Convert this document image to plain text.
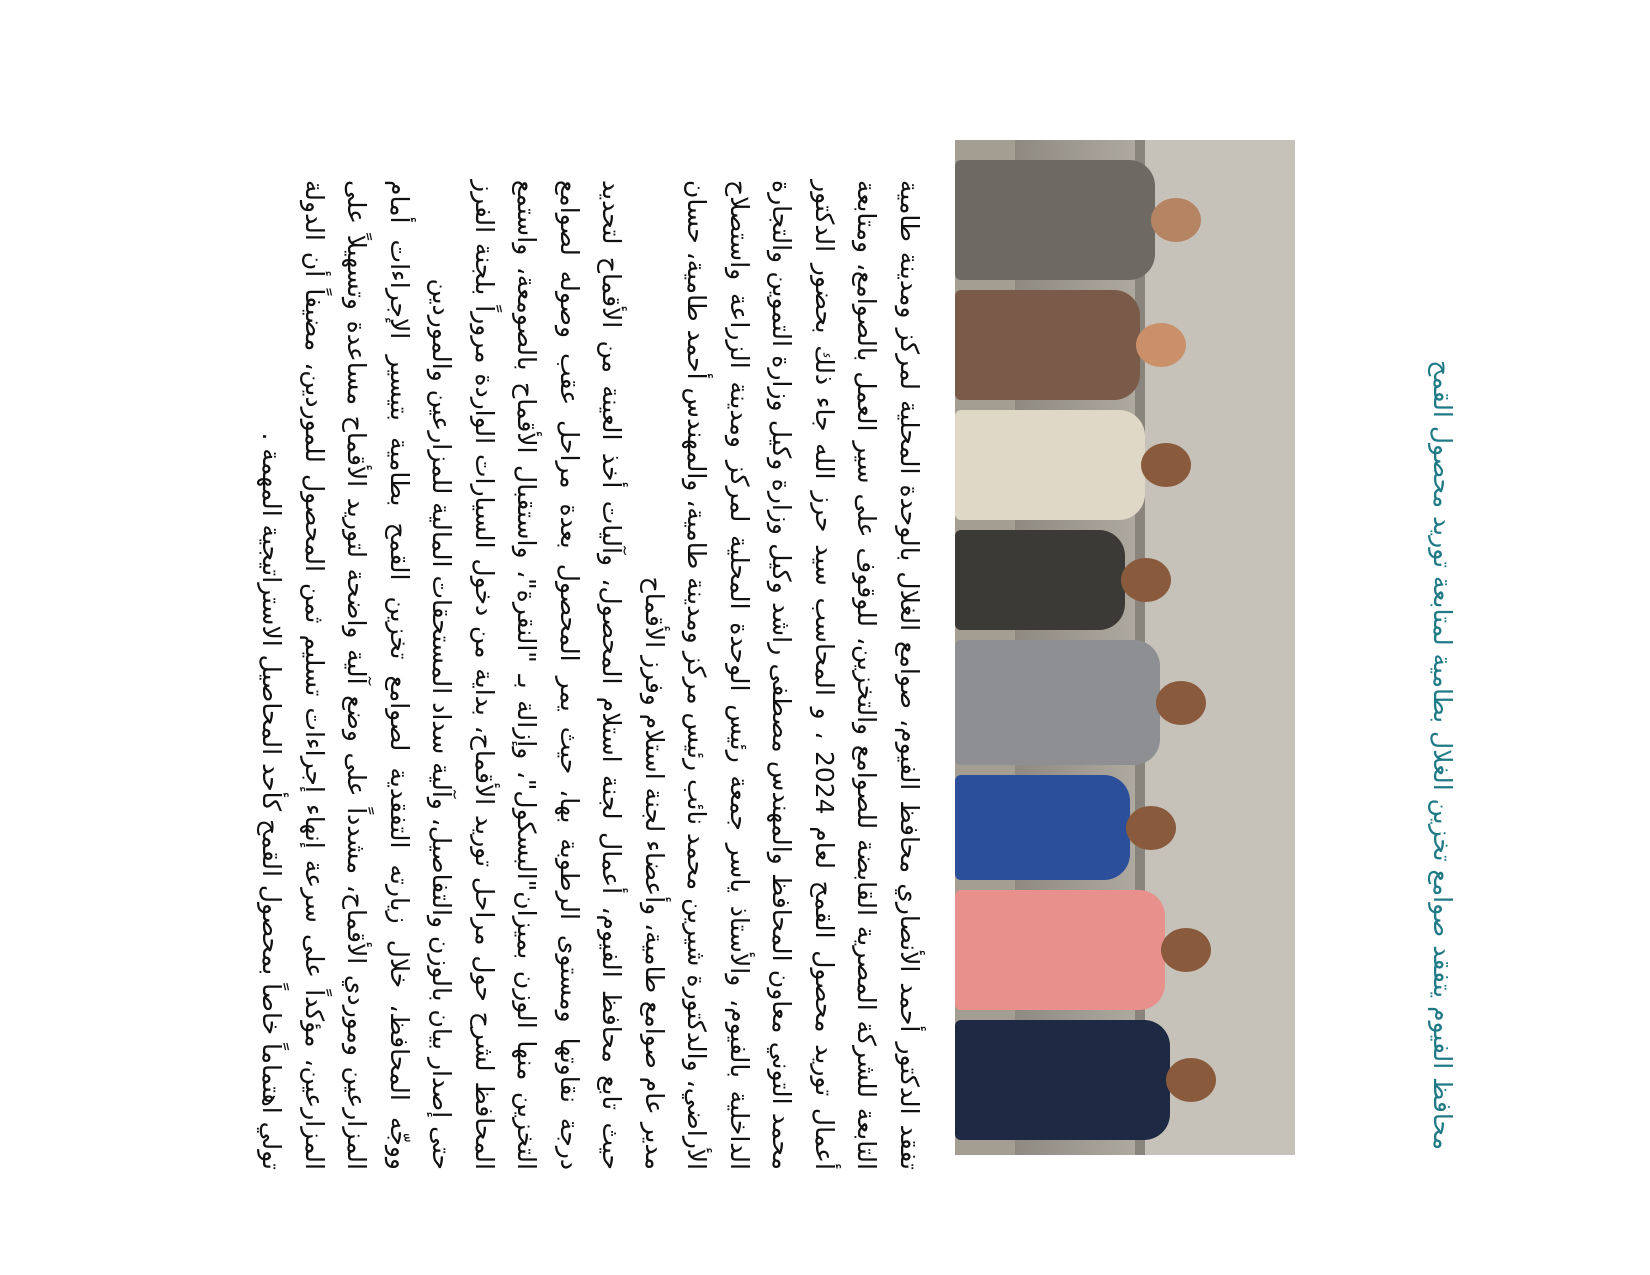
محافظ الفيوم يتفقد صوامع تخزين الغلال بطامية لمتابعة توريد محصول القمح

تفقد الدكتور أحمد الأنصاري محافظ الفيوم، صوامع الغلال بالوحدة المحلية لمركز ومدينة طامية التابعة للشركة المصرية القابضة للصوامع والتخزين، للوقوف على سير العمل بالصوامع، ومتابعة أعمال توريد محصول القمح لعام 2024 ، و المحاسب سيد حرز الله جاء ذلك بحضور الدكتور محمد التوني معاون المحافظ والمهندس مصطفى راشد وكيل وزارة وكيل وزارة التموين والتجارة الداخلية بالفيوم، والأستاذ ياسر جمعة رئيس الوحدة المحلية لمركز ومدينة الزراعة واستصلاح الأراضي، والدكتورة شيرين محمد نائب رئيس مركز ومدينة طامية، والمهندس أحمد طامية، حسان مدير عام صوامع طامية، وأعضاء لجنة استلام وفرز الأقماح

حيث تابع محافظ الفيوم، أعمال لجنة استلام المحصول، وآليات أخذ العينة من الأقماح لتحديد درجة نقاوتها ومستوى الرطوبة بها، حيث يمر المحصول بعدة مراحل عقب وصوله لصوامع التخزين منها الوزن بميزان"البسكول"، وإزالة بـ "النقرة"، واستقبال الأقماح بالصومعة، واستمع المحافظ لشرح حول مراحل توريد الأقماح، بداية من دخول السيارات الواردة مروراً بلجنة الفرز حتى إصدار بيان بالوزن والتفاصيل، وآلية سداد المستحقات المالية للمزارعين والموردين

ووجّه المحافظ، خلال زيارته التفقدية لصوامع تخزين القمح بطامية بتيسير الإجراءات أمام المزارعين وموردي الأقماح، مشدداً على وضع آلية واضحة لتوريد الأقماح مساعدة وتسهيلاً على المزارعين، مؤكداً على سرعة إنهاء إجراءات تسليم ثمن المحصول للموردين، مضيفاً أن الدولة تولي اهتماماً خاصاً بمحصول القمح كأحد المحاصيل الاستراتيجية المهمة .
